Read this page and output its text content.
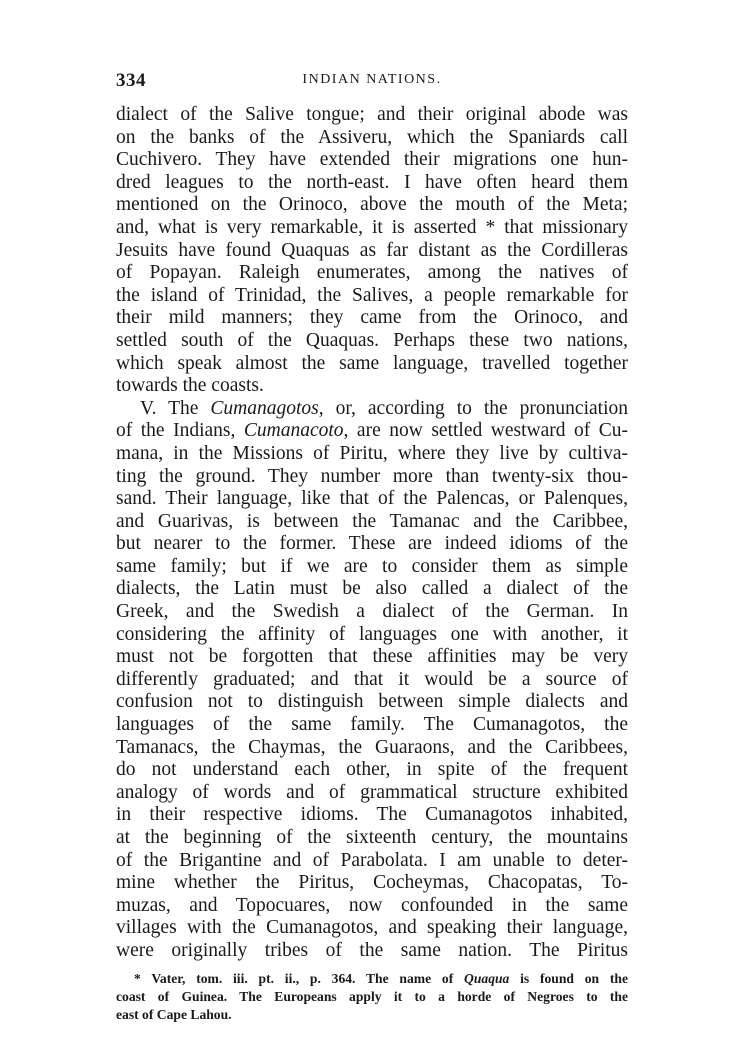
334	INDIAN NATIONS.
dialect of the Salive tongue; and their original abode was
on the banks of the Assiveru, which the Spaniards call
Cuchivero. They have extended their migrations one hun-
dred leagues to the north-east. I have often heard them
mentioned on the Orinoco, above the mouth of the Meta;
and, what is very remarkable, it is asserted * that missionary
Jesuits have found Quaquas as far distant as the Cordilleras
of Popayan. Raleigh enumerates, among the natives of
the island of Trinidad, the Salives, a people remarkable for
their mild manners; they came from the Orinoco, and
settled south of the Quaquas. Perhaps these two nations,
which speak almost the same language, travelled together
towards the coasts.
V. The Cumanagotos, or, according to the pronunciation
of the Indians, Cumanacoto, are now settled westward of Cu-
mana, in the Missions of Piritu, where they live by cultiva-
ting the ground. They number more than twenty-six thou-
sand. Their language, like that of the Palencas, or Palenques,
and Guarivas, is between the Tamanac and the Caribbee,
but nearer to the former. These are indeed idioms of the
same family; but if we are to consider them as simple
dialects, the Latin must be also called a dialect of the
Greek, and the Swedish a dialect of the German. In
considering the affinity of languages one with another, it
must not be forgotten that these affinities may be very
differently graduated; and that it would be a source of
confusion not to distinguish between simple dialects and
languages of the same family. The Cumanagotos, the
Tamanacs, the Chaymas, the Guaraons, and the Caribbees,
do not understand each other, in spite of the frequent
analogy of words and of grammatical structure exhibited
in their respective idioms. The Cumanagotos inhabited,
at the beginning of the sixteenth century, the mountains
of the Brigantine and of Parabolata. I am unable to deter-
mine whether the Piritus, Cocheymas, Chacopatas, To-
muzas, and Topocuares, now confounded in the same
villages with the Cumanagotos, and speaking their language,
were originally tribes of the same nation. The Piritus
* Vater, tom. iii. pt. ii., p. 364. The name of Quaqua is found on the
coast of Guinea. The Europeans apply it to a horde of Negroes to the
east of Cape Lahou.
